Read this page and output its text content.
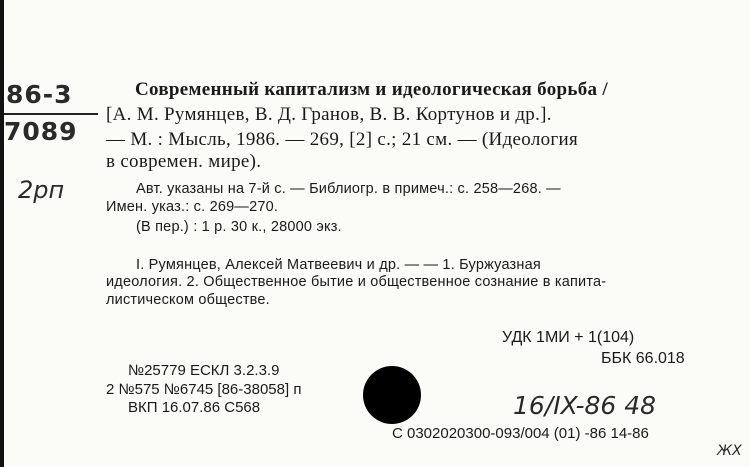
86-3
7089
2рп

Современный капитализм и идеологическая борьба /

[А. М. Румянцев, В. Д. Гранов, В. В. Кортунов и др.].

— М. : Мысль, 1986. — 269, [2] с.; 21 см. — (Идеология

в современ. мире).

Авт. указаны на 7-й с. — Библиогр. в примеч.: с. 258—268. —

Имен. указ.: с. 269—270.

(В пер.) : 1 р. 30 к., 28000 экз.

I. Румянцев, Алексей Матвеевич и др. — — 1. Буржуазная

идеология. 2. Общественное бытие и общественное сознание в капита-

листическом обществе.

УДК 1МИ + 1(104)

ББК 66.018

№25779 ЕСКЛ 3.2.3.9

2 №575 №6745 [86-38058] п

ВКП 16.07.86 С568	16/IX-86 48

С 0302020300-093/004 (01) -86 14-86

ЖХ
